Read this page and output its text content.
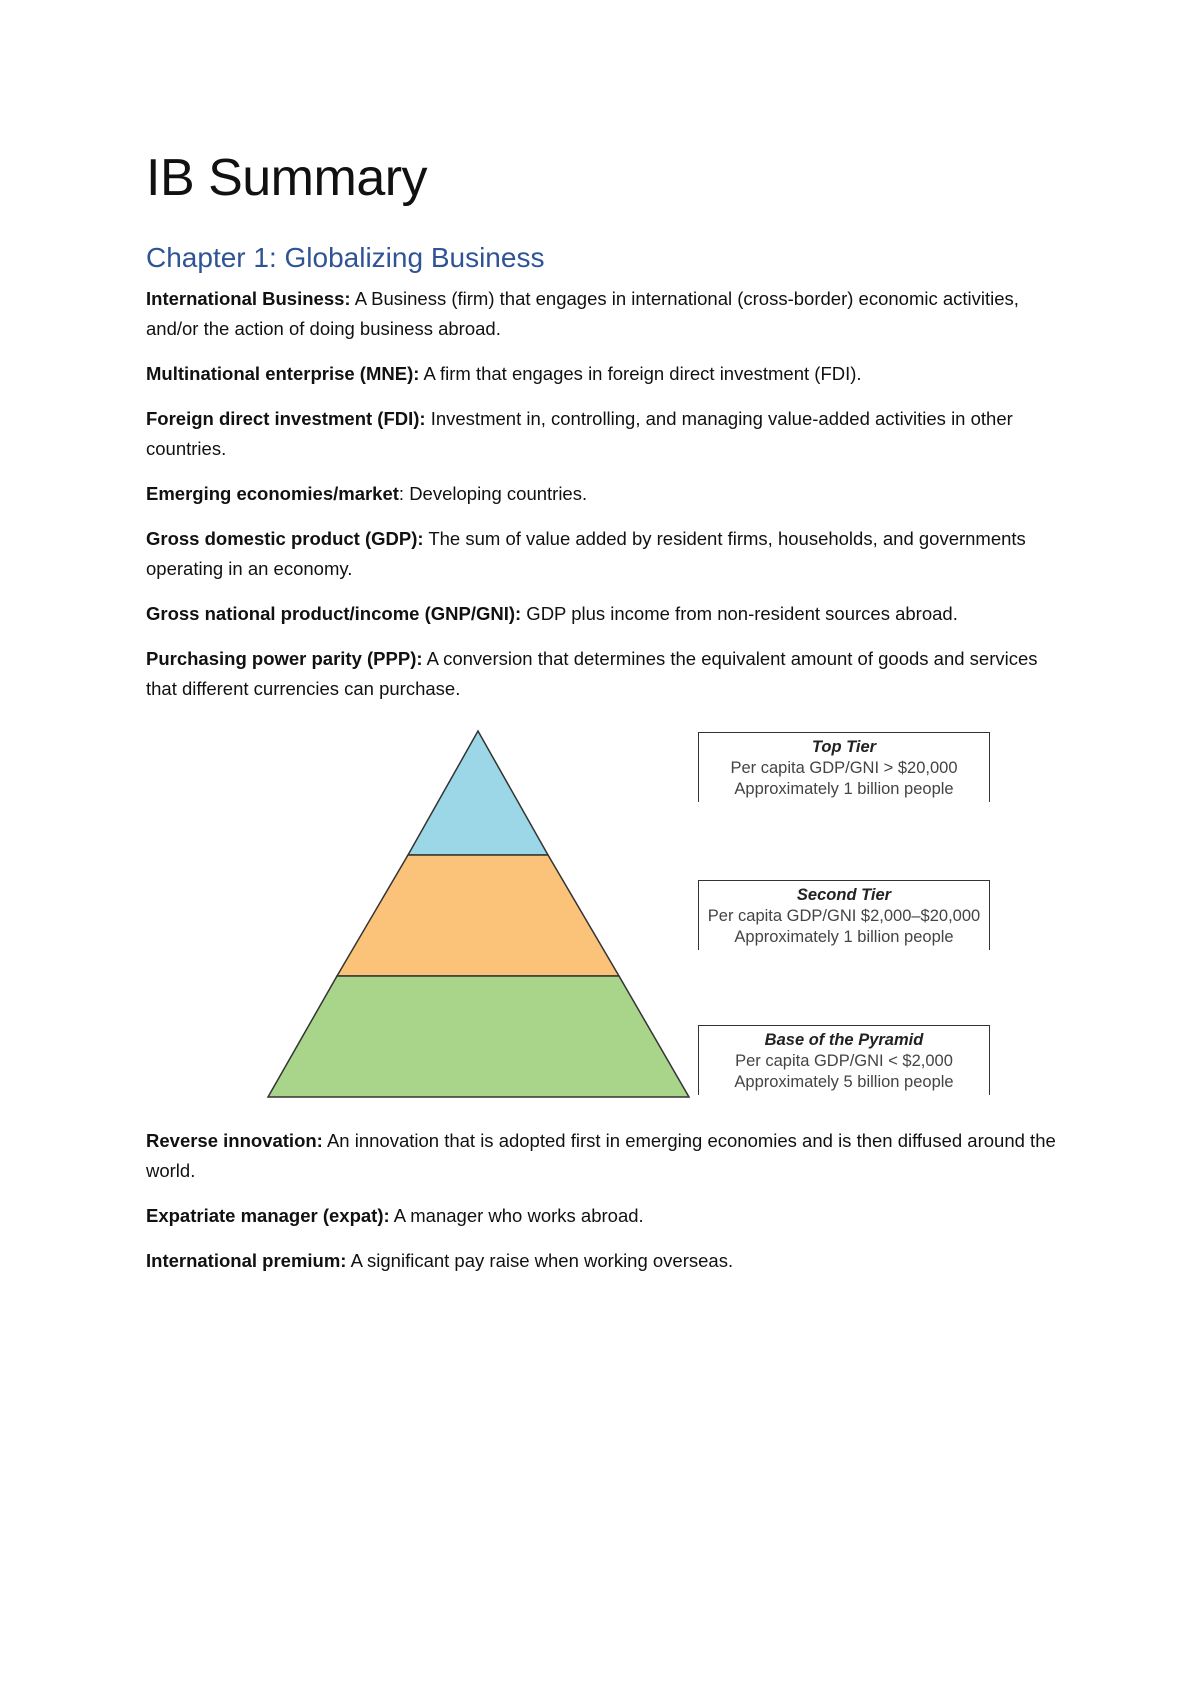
IB Summary
Chapter 1: Globalizing Business

International Business: A Business (firm) that engages in international (cross-border) economic activities, and/or the action of doing business abroad.

Multinational enterprise (MNE): A firm that engages in foreign direct investment (FDI).

Foreign direct investment (FDI): Investment in, controlling, and managing value-added activities in other countries.

Emerging economies/market: Developing countries.

Gross domestic product (GDP): The sum of value added by resident firms, households, and governments operating in an economy.

Gross national product/income (GNP/GNI): GDP plus income from non-resident sources abroad.

Purchasing power parity (PPP): A conversion that determines the equivalent amount of goods and services that different currencies can purchase.

Top Tier
Per capita GDP/GNI > $20,000
Approximately 1 billion people
Second Tier
Per capita GDP/GNI $2,000–$20,000
Approximately 1 billion people
Base of the Pyramid
Per capita GDP/GNI < $2,000
Approximately 5 billion people

Reverse innovation: An innovation that is adopted first in emerging economies and is then diffused around the world.

Expatriate manager (expat): A manager who works abroad.

International premium: A significant pay raise when working overseas.
